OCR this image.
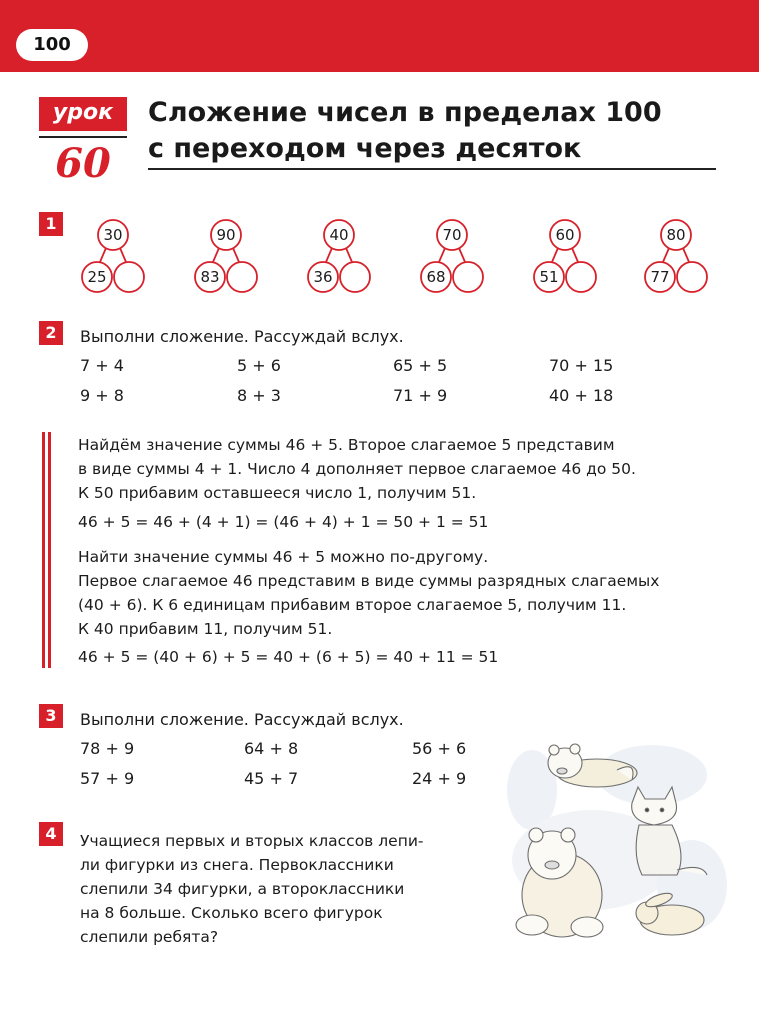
100
урок
60
Сложение чисел в пределах 100
с переходом через десяток
1
30
25
90
83
40
36
70
68
60
51
80
77
2	Выполни сложение. Рассуждай вслух.
7 + 4	5 + 6	65 + 5	70 + 15
9 + 8	8 + 3	71 + 9	40 + 18

Найдём значение суммы 46 + 5. Второе слагаемое 5 представим
в виде суммы 4 + 1. Число 4 дополняет первое слагаемое 46 до 50.
К 50 прибавим оставшееся число 1, получим 51.

46 + 5 = 46 + (4 + 1) = (46 + 4) + 1 = 50 + 1 = 51

Найти значение суммы 46 + 5 можно по-другому.
Первое слагаемое 46 представим в виде суммы разрядных слагаемых
(40 + 6). К 6 единицам прибавим второе слагаемое 5, получим 11.
К 40 прибавим 11, получим 51.

46 + 5 = (40 + 6) + 5 = 40 + (6 + 5) = 40 + 11 = 51
3	Выполни сложение. Рассуждай вслух.
78 + 9	64 + 8	56 + 6
57 + 9	45 + 7	24 + 9
4	Учащиеся первых и вторых классов лепи-
ли фигурки из снега. Первоклассники
слепили 34 фигурки, а второклассники
на 8 больше. Сколько всего фигурок
слепили ребята?
